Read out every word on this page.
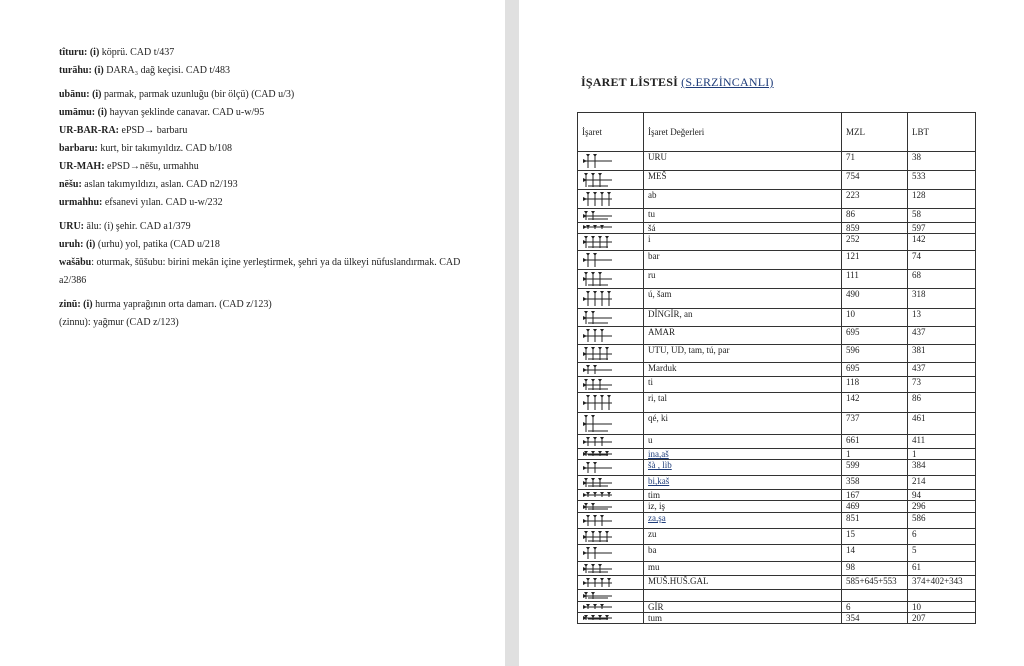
tîturu: (i) köprü. CAD t/437
turāhu: (i) DARA₃ dağ keçisi. CAD t/483
ubānu: (i) parmak, parmak uzunluğu (bir ölçü) (CAD u/3)
umāmu: (i) hayvan şeklinde canavar. CAD u-w/95
UR-BAR-RA: ePSD→ barbaru
barbaru: kurt, bir takımyıldız. CAD b/108
UR-MAH: ePSD→nēšu, urmahhu
nēšu: aslan takımyıldızı, aslan. CAD n2/193
urmahhu: efsanevi yılan. CAD u-w/232
URU: ālu: (i) şehir. CAD a1/379
uruh: (i) (urhu) yol, patika (CAD u/218
wašābu: oturmak, šūšubu: birini mekân içine yerleştirmek, şehri ya da ülkeyi nüfuslandırmak. CAD a2/386
zinū: (i) hurma yaprağının orta damarı. (CAD z/123)
(zinnu): yağmur (CAD z/123)
İŞARET LİSTESİ (S.ERZİNCANLI)
İşaret	İşaret Değerleri	MZL	LBT

	URU	71	38

	MEŠ	754	533

	ab	223	128

	tu	86	58

	šá	859	597

	i	252	142

	bar	121	74

	ru	111	68

	ú, šam	490	318

	DİNGİR, an	10	13

	AMAR	695	437

	UTU, UD, tam, tú, par	596	381

	Marduk	695	437

	ti	118	73

	ri, tal	142	86

	qé, ki	737	461

	u	661	411

	ina,aš	1	1

	šà , lìb	599	384

	bi,kaš	358	214

	tim	167	94

	iz, iş	469	296

	za,şa	851	586

	zu	15	6

	ba	14	5

	mu	98	61

	MUŠ.HUŠ.GAL	585+645+553	374+402+343

	GİR	6	10

	tum	354	207
